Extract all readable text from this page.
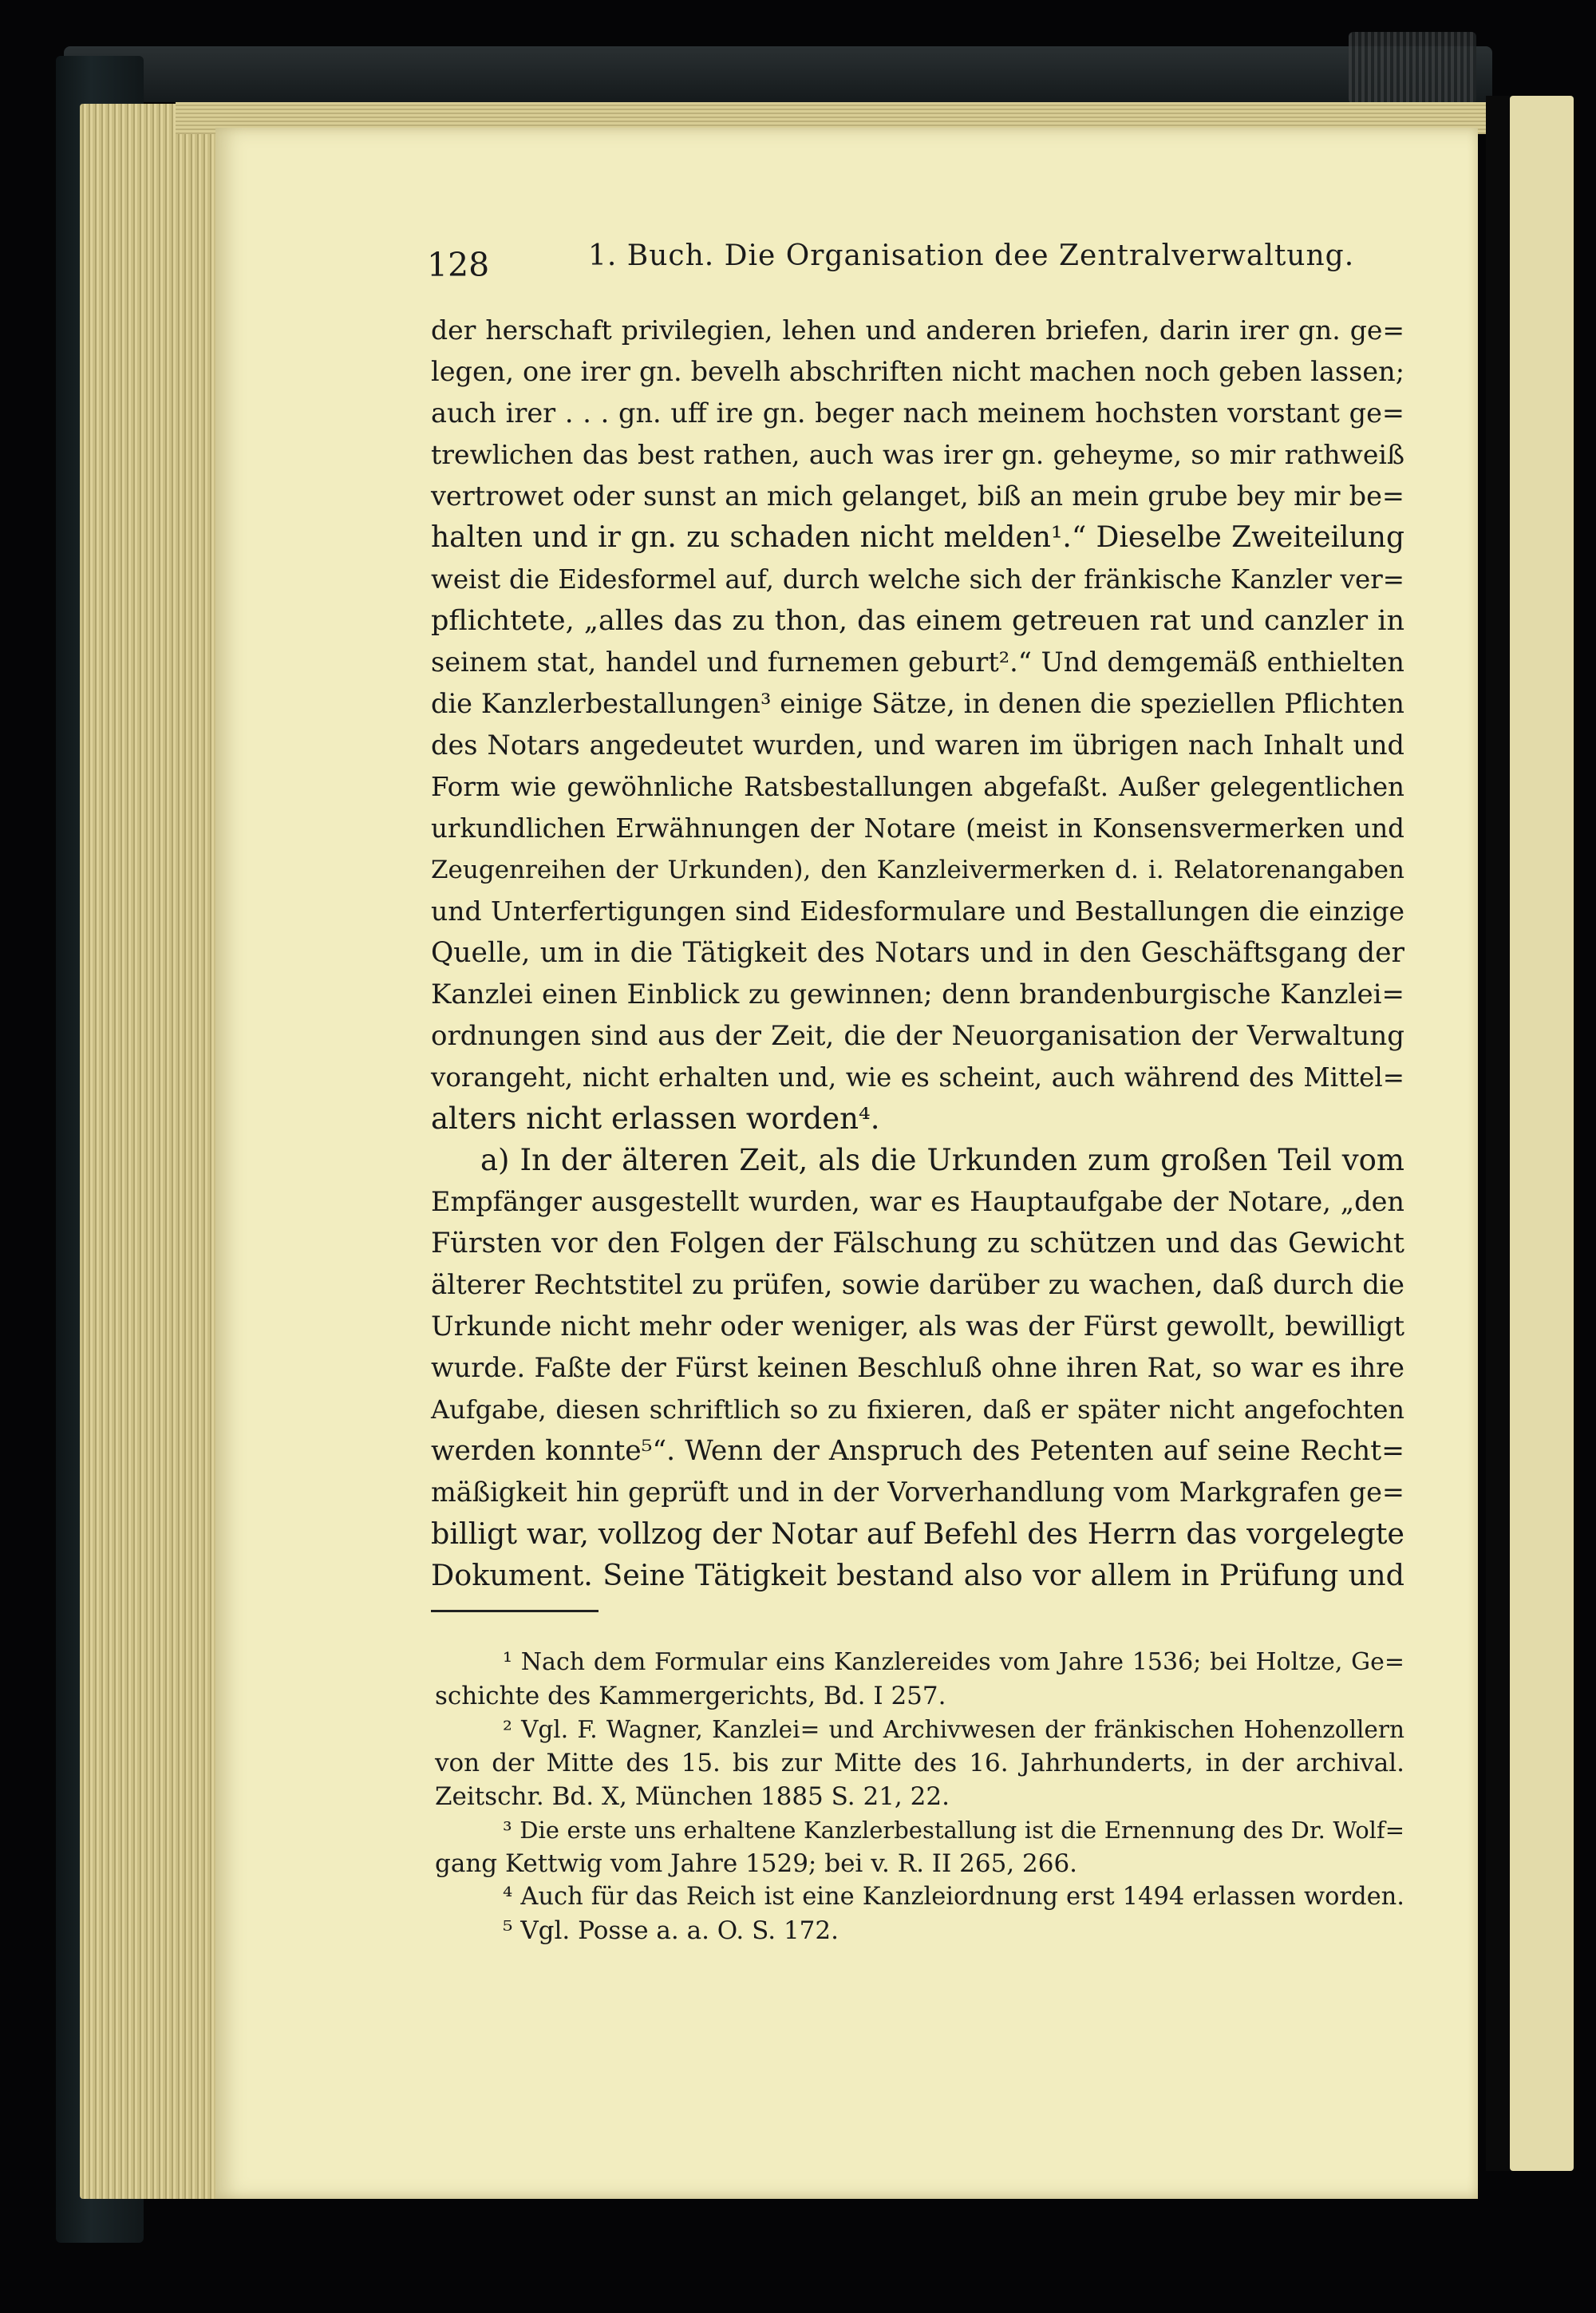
128	1. Buch. Die Organisation dee Zentralverwaltung.
der herschaft privilegien, lehen und anderen briefen, darin irer gn. ge=
legen, one irer gn. bevelh abschriften nicht machen noch geben lassen;
auch irer . . . gn. uff ire gn. beger nach meinem hochsten vorstant ge=
trewlichen das best rathen, auch was irer gn. geheyme, so mir rathweiß
vertrowet oder sunst an mich gelanget, biß an mein grube bey mir be=
halten und ir gn. zu schaden nicht melden¹.“ Dieselbe Zweiteilung
weist die Eidesformel auf, durch welche sich der fränkische Kanzler ver=
pflichtete, „alles das zu thon, das einem getreuen rat und canzler in
seinem stat, handel und furnemen geburt².“ Und demgemäß enthielten
die Kanzlerbestallungen³ einige Sätze, in denen die speziellen Pflichten
des Notars angedeutet wurden, und waren im übrigen nach Inhalt und
Form wie gewöhnliche Ratsbestallungen abgefaßt. Außer gelegentlichen
urkundlichen Erwähnungen der Notare (meist in Konsensvermerken und
Zeugenreihen der Urkunden), den Kanzleivermerken d. i. Relatorenangaben
und Unterfertigungen sind Eidesformulare und Bestallungen die einzige
Quelle, um in die Tätigkeit des Notars und in den Geschäftsgang der
Kanzlei einen Einblick zu gewinnen; denn brandenburgische Kanzlei=
ordnungen sind aus der Zeit, die der Neuorganisation der Verwaltung
vorangeht, nicht erhalten und, wie es scheint, auch während des Mittel=
alters nicht erlassen worden⁴.
a) In der älteren Zeit, als die Urkunden zum großen Teil vom
Empfänger ausgestellt wurden, war es Hauptaufgabe der Notare, „den
Fürsten vor den Folgen der Fälschung zu schützen und das Gewicht
älterer Rechtstitel zu prüfen, sowie darüber zu wachen, daß durch die
Urkunde nicht mehr oder weniger, als was der Fürst gewollt, bewilligt
wurde. Faßte der Fürst keinen Beschluß ohne ihren Rat, so war es ihre
Aufgabe, diesen schriftlich so zu fixieren, daß er später nicht angefochten
werden konnte⁵“. Wenn der Anspruch des Petenten auf seine Recht=
mäßigkeit hin geprüft und in der Vorverhandlung vom Markgrafen ge=
billigt war, vollzog der Notar auf Befehl des Herrn das vorgelegte
Dokument. Seine Tätigkeit bestand also vor allem in Prüfung und
¹ Nach dem Formular eins Kanzlereides vom Jahre 1536; bei Holtze, Ge=
schichte des Kammergerichts, Bd. I 257.
² Vgl. F. Wagner, Kanzlei= und Archivwesen der fränkischen Hohenzollern
von der Mitte des 15. bis zur Mitte des 16. Jahrhunderts, in der archival.
Zeitschr. Bd. X, München 1885 S. 21, 22.
³ Die erste uns erhaltene Kanzlerbestallung ist die Ernennung des Dr. Wolf=
gang Kettwig vom Jahre 1529; bei v. R. II 265, 266.
⁴ Auch für das Reich ist eine Kanzleiordnung erst 1494 erlassen worden.
⁵ Vgl. Posse a. a. O. S. 172.
